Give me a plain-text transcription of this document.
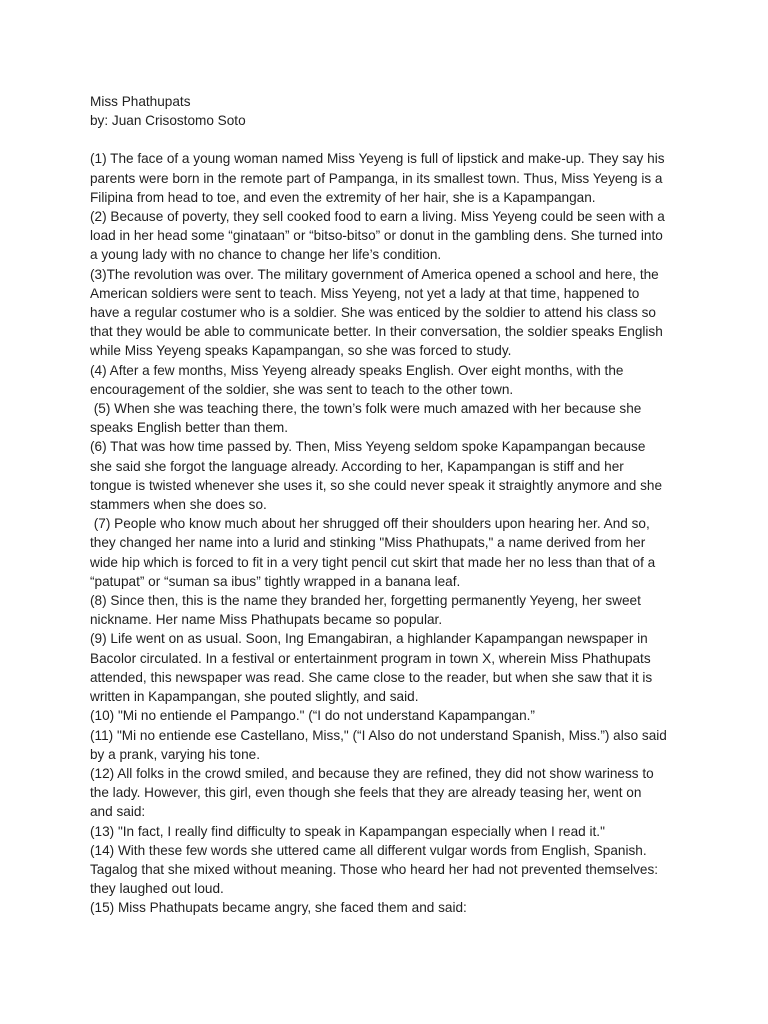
Miss Phathupats

by: Juan Crisostomo Soto

(1) The face of a young woman named Miss Yeyeng is full of lipstick and make-up. They say his
parents were born in the remote part of Pampanga, in its smallest town. Thus, Miss Yeyeng is a
Filipina from head to toe, and even the extremity of her hair, she is a Kapampangan.

(2) Because of poverty, they sell cooked food to earn a living. Miss Yeyeng could be seen with a
load in her head some “ginataan” or “bitso-bitso” or donut in the gambling dens. She turned into
a young lady with no chance to change her life’s condition.

(3)The revolution was over. The military government of America opened a school and here, the
American soldiers were sent to teach. Miss Yeyeng, not yet a lady at that time, happened to
have a regular costumer who is a soldier. She was enticed by the soldier to attend his class so
that they would be able to communicate better. In their conversation, the soldier speaks English
while Miss Yeyeng speaks Kapampangan, so she was forced to study.

(4) After a few months, Miss Yeyeng already speaks English. Over eight months, with the
encouragement of the soldier, she was sent to teach to the other town.

(5) When she was teaching there, the town’s folk were much amazed with her because she
speaks English better than them.

(6) That was how time passed by. Then, Miss Yeyeng seldom spoke Kapampangan because
she said she forgot the language already. According to her, Kapampangan is stiff and her
tongue is twisted whenever she uses it, so she could never speak it straightly anymore and she
stammers when she does so.

(7) People who know much about her shrugged off their shoulders upon hearing her. And so,
they changed her name into a lurid and stinking "Miss Phathupats," a name derived from her
wide hip which is forced to fit in a very tight pencil cut skirt that made her no less than that of a
“patupat” or “suman sa ibus” tightly wrapped in a banana leaf.

(8) Since then, this is the name they branded her, forgetting permanently Yeyeng, her sweet
nickname. Her name Miss Phathupats became so popular.

(9) Life went on as usual. Soon, Ing Emangabiran, a highlander Kapampangan newspaper in
Bacolor circulated. In a festival or entertainment program in town X, wherein Miss Phathupats
attended, this newspaper was read. She came close to the reader, but when she saw that it is
written in Kapampangan, she pouted slightly, and said.

(10) "Mi no entiende el Pampango." (“I do not understand Kapampangan.”

(11) "Mi no entiende ese Castellano, Miss," (“I Also do not understand Spanish, Miss.”) also said
by a prank, varying his tone.

(12) All folks in the crowd smiled, and because they are refined, they did not show wariness to
the lady. However, this girl, even though she feels that they are already teasing her, went on
and said:

(13) "In fact, I really find difficulty to speak in Kapampangan especially when I read it."

(14) With these few words she uttered came all different vulgar words from English, Spanish.
Tagalog that she mixed without meaning. Those who heard her had not prevented themselves:
they laughed out loud.

(15) Miss Phathupats became angry, she faced them and said:
